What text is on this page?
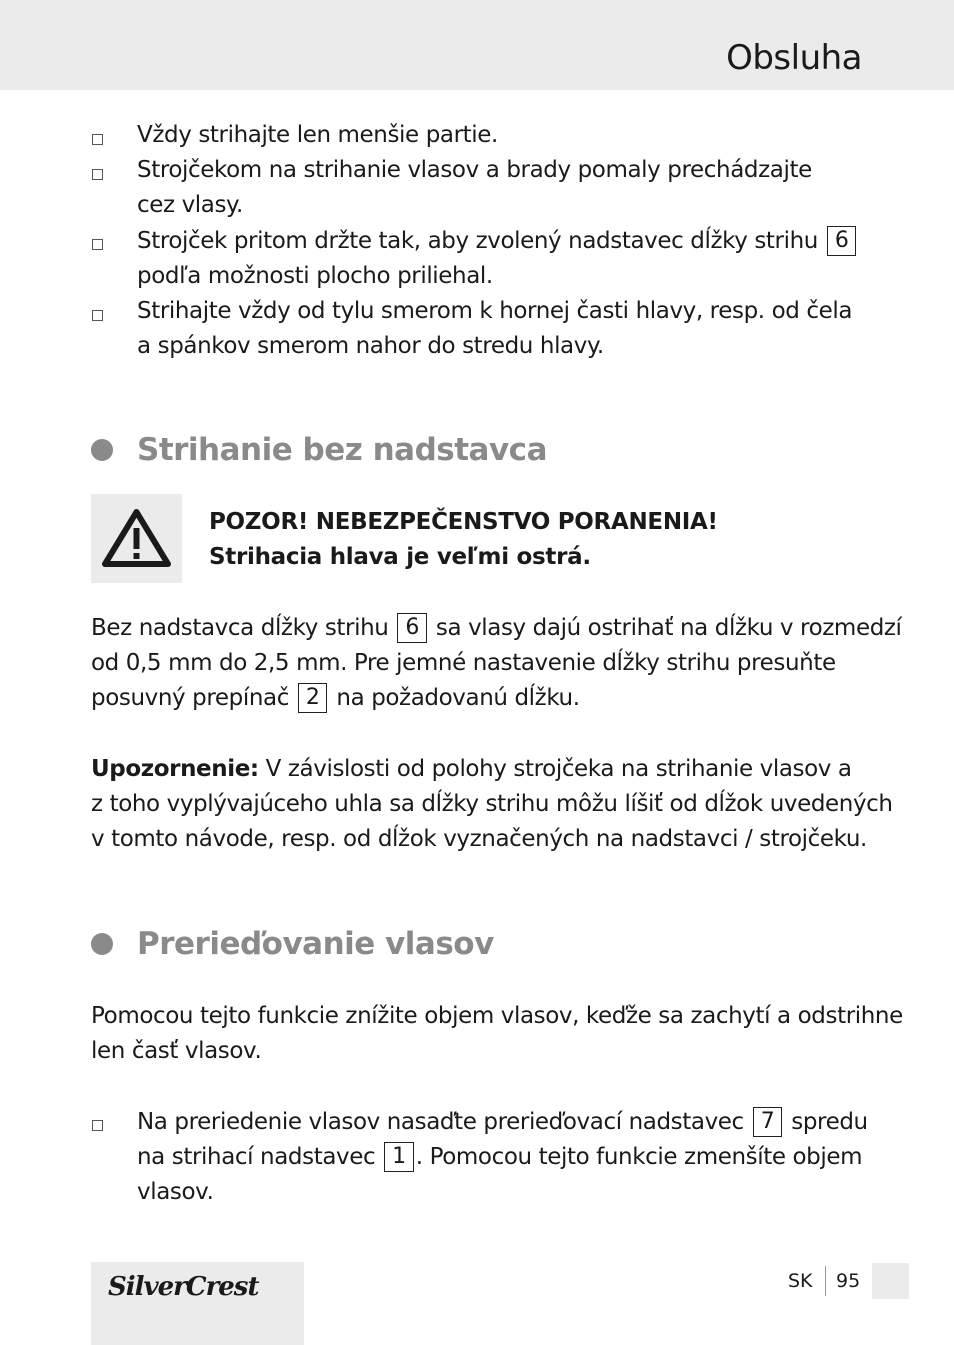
Obsluha
Vždy strihajte len menšie partie.
Strojčekom na strihanie vlasov a brady pomaly prechádzajte
cez vlasy.
Strojček pritom držte tak, aby zvolený nadstavec dĺžky strihu 6
podľa možnosti plocho priliehal.
Strihajte vždy od tylu smerom k hornej časti hlavy, resp. od čela
a spánkov smerom nahor do stredu hlavy.
Strihanie bez nadstavca
POZOR! NEBEZPEČENSTVO PORANENIA!
Strihacia hlava je veľmi ostrá.
Bez nadstavca dĺžky strihu 6 sa vlasy dajú ostrihať na dĺžku v rozmedzí
od 0,5 mm do 2,5 mm. Pre jemné nastavenie dĺžky strihu presuňte
posuvný prepínač 2 na požadovanú dĺžku.
Upozornenie: V závislosti od polohy strojčeka na strihanie vlasov a
z toho vyplývajúceho uhla sa dĺžky strihu môžu líšiť od dĺžok uvedených
v tomto návode, resp. od dĺžok vyznačených na nadstavci / strojčeku.
Prerieďovanie vlasov
Pomocou tejto funkcie znížite objem vlasov, keďže sa zachytí a odstrihne
len časť vlasov.
Na preriedenie vlasov nasaďte prerieďovací nadstavec 7 spredu
na strihací nadstavec 1 . Pomocou tejto funkcie zmenšíte objem
vlasov.
SilverCrest	SK 95
